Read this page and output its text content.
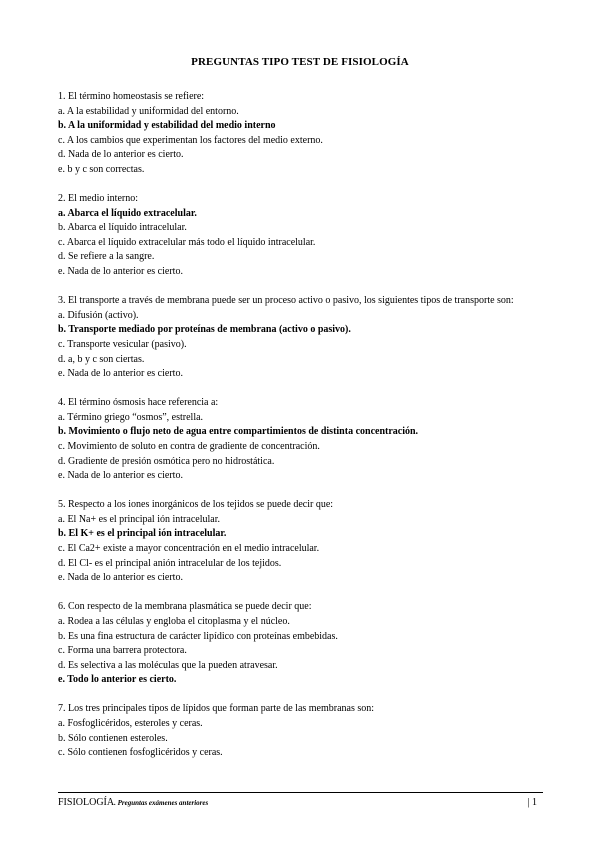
PREGUNTAS TIPO TEST DE FISIOLOGÍA

1. El término homeostasis se refiere:

a. A la estabilidad y uniformidad del entorno.

b. A la uniformidad y estabilidad del medio interno

c. A los cambios que experimentan los factores del medio externo.

d. Nada de lo anterior es cierto.

e. b y c son correctas.

2. El medio interno:

a. Abarca el líquido extracelular.

b. Abarca el líquido intracelular.

c. Abarca el líquido extracelular más todo el líquido intracelular.

d. Se refiere a la sangre.

e. Nada de lo anterior es cierto.

3. El transporte a través de membrana puede ser un proceso activo o pasivo, los siguientes tipos de transporte son:

a. Difusión (activo).

b. Transporte mediado por proteínas de membrana (activo o pasivo).

c. Transporte vesicular (pasivo).

d. a, b y c son ciertas.

e. Nada de lo anterior es cierto.

4. El término ósmosis hace referencia a:

a. Término griego “osmos”, estrella.

b. Movimiento o flujo neto de agua entre compartimientos de distinta concentración.

c. Movimiento de soluto en contra de gradiente de concentración.

d. Gradiente de presión osmótica pero no hidrostática.

e. Nada de lo anterior es cierto.

5. Respecto a los iones inorgánicos de los tejidos se puede decir que:

a. El Na+ es el principal ión intracelular.

b. El K+ es el principal ión intracelular.

c. El Ca2+ existe a mayor concentración en el medio intracelular.

d. El Cl- es el principal anión intracelular de los tejidos.

e. Nada de lo anterior es cierto.

6. Con respecto de la membrana plasmática se puede decir que:

a. Rodea a las células y engloba el citoplasma y el núcleo.

b. Es una fina estructura de carácter lipídico con proteínas embebidas.

c. Forma una barrera protectora.

d. Es selectiva a las moléculas que la pueden atravesar.

e. Todo lo anterior es cierto.

7. Los tres principales tipos de lípidos que forman parte de las membranas son:

a. Fosfoglicéridos, esteroles y ceras.

b. Sólo contienen esteroles.

c. Sólo contienen fosfoglicéridos y ceras.

FISIOLOGÍA. Preguntas exámenes anteriores	| 1
